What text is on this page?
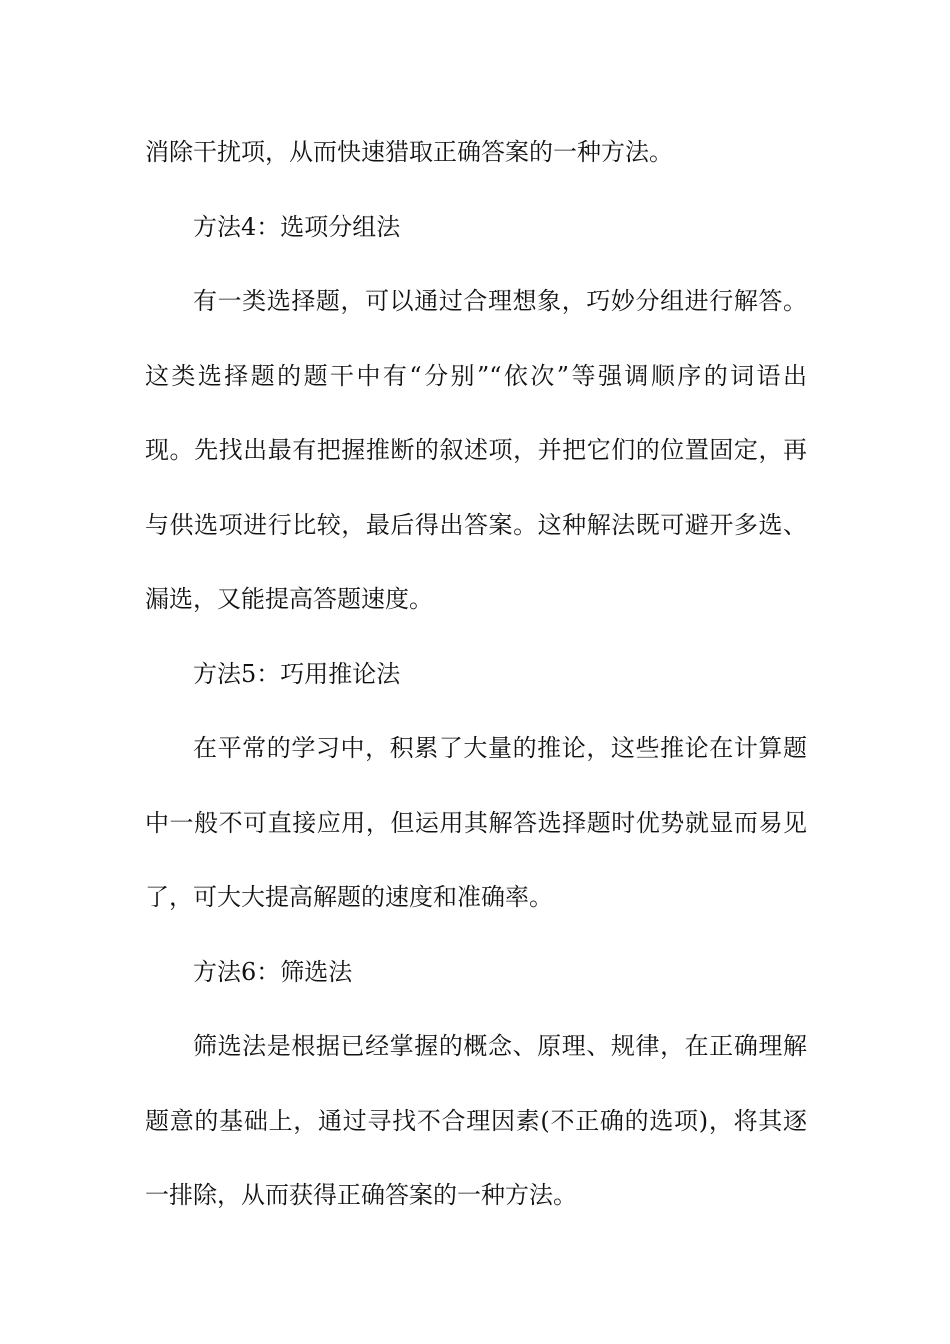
消除干扰项，从而快速猎取正确答案的一种方法。
方法4：选项分组法
有一类选择题，可以通过合理想象，巧妙分组进行解答。
这类选择题的题干中有“分别”“依次”等强调顺序的词语出
现。先找出最有把握推断的叙述项，并把它们的位置固定，再
与供选项进行比较，最后得出答案。这种解法既可避开多选、
漏选，又能提高答题速度。
方法5：巧用推论法
在平常的学习中，积累了大量的推论，这些推论在计算题
中一般不可直接应用，但运用其解答选择题时优势就显而易见
了，可大大提高解题的速度和准确率。
方法6：筛选法
筛选法是根据已经掌握的概念、原理、规律，在正确理解
题意的基础上，通过寻找不合理因素(不正确的选项)，将其逐
一排除，从而获得正确答案的一种方法。
